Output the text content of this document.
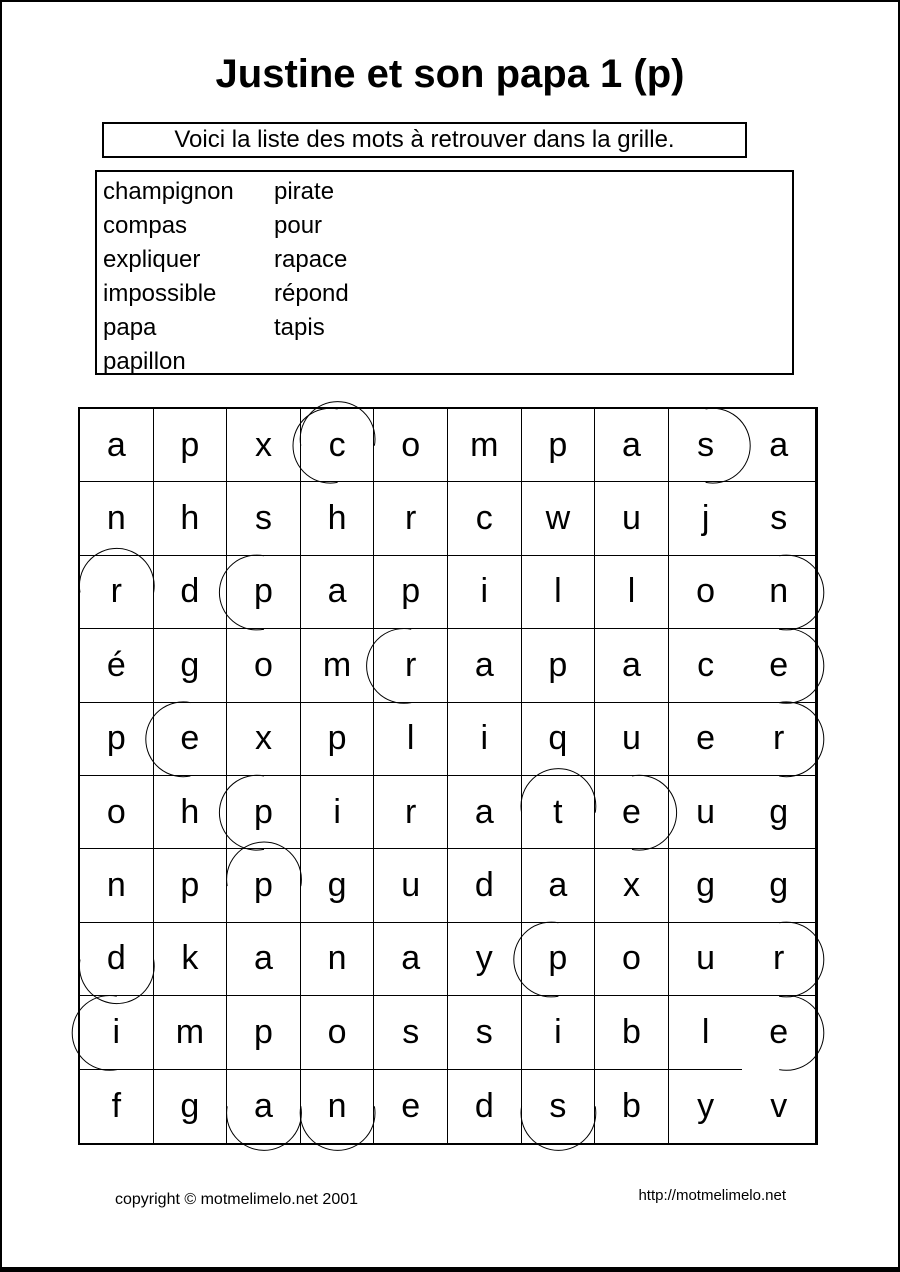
Justine et son papa 1 (p)
Voici la liste des mots à retrouver dans la grille.
champignon
compas
expliquer
impossible
papa
papillon
pirate
pour
rapace
répond
tapis
a p x c o m p a s a
n h s h r c w u j s
r d p a p i l l o n
é g o m r a p a c e
p e x p l i q u e r
o h p i r a t e u g
n p p g u d a x g g
d k a n a y p o u r
i m p o s s i b l e
f g a n e d s b y v
copyright © motmelimelo.net 2001	http://motmelimelo.net
